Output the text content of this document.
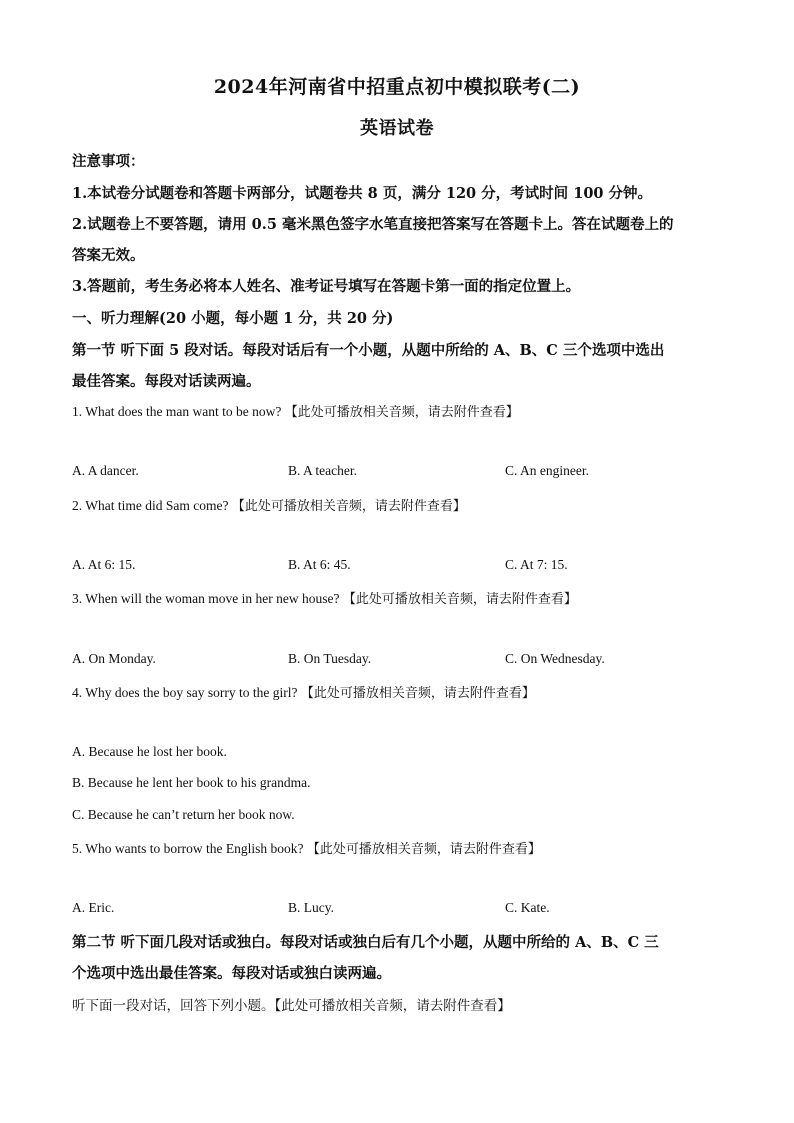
2024年河南省中招重点初中模拟联考(二)
英语试卷
注意事项：
1.本试卷分试题卷和答题卡两部分，试题卷共 8 页，满分 120 分，考试时间 100 分钟。
2.试题卷上不要答题，请用 0.5 毫米黑色签字水笔直接把答案写在答题卡上。答在试题卷上的
答案无效。
3.答题前，考生务必将本人姓名、准考证号填写在答题卡第一面的指定位置上。
一、听力理解(20 小题，每小题 1 分，共 20 分)
第一节 听下面 5 段对话。每段对话后有一个小题，从题中所给的 A、B、C 三个选项中选出
最佳答案。每段对话读两遍。
1. What does the man want to be now? 【此处可播放相关音频，请去附件查看】
A. A dancer.	B. A teacher.	C. An engineer.
2. What time did Sam come? 【此处可播放相关音频，请去附件查看】
A. At 6: 15.	B. At 6: 45.	C. At 7: 15.
3. When will the woman move in her new house? 【此处可播放相关音频，请去附件查看】
A. On Monday.	B. On Tuesday.	C. On Wednesday.
4. Why does the boy say sorry to the girl? 【此处可播放相关音频，请去附件查看】
A. Because he lost her book.
B. Because he lent her book to his grandma.
C. Because he can’t return her book now.
5. Who wants to borrow the English book? 【此处可播放相关音频，请去附件查看】
A. Eric.	B. Lucy.	C. Kate.
第二节 听下面几段对话或独白。每段对话或独白后有几个小题，从题中所给的 A、B、C 三
个选项中选出最佳答案。每段对话或独白读两遍。
听下面一段对话，回答下列小题。【此处可播放相关音频，请去附件查看】
